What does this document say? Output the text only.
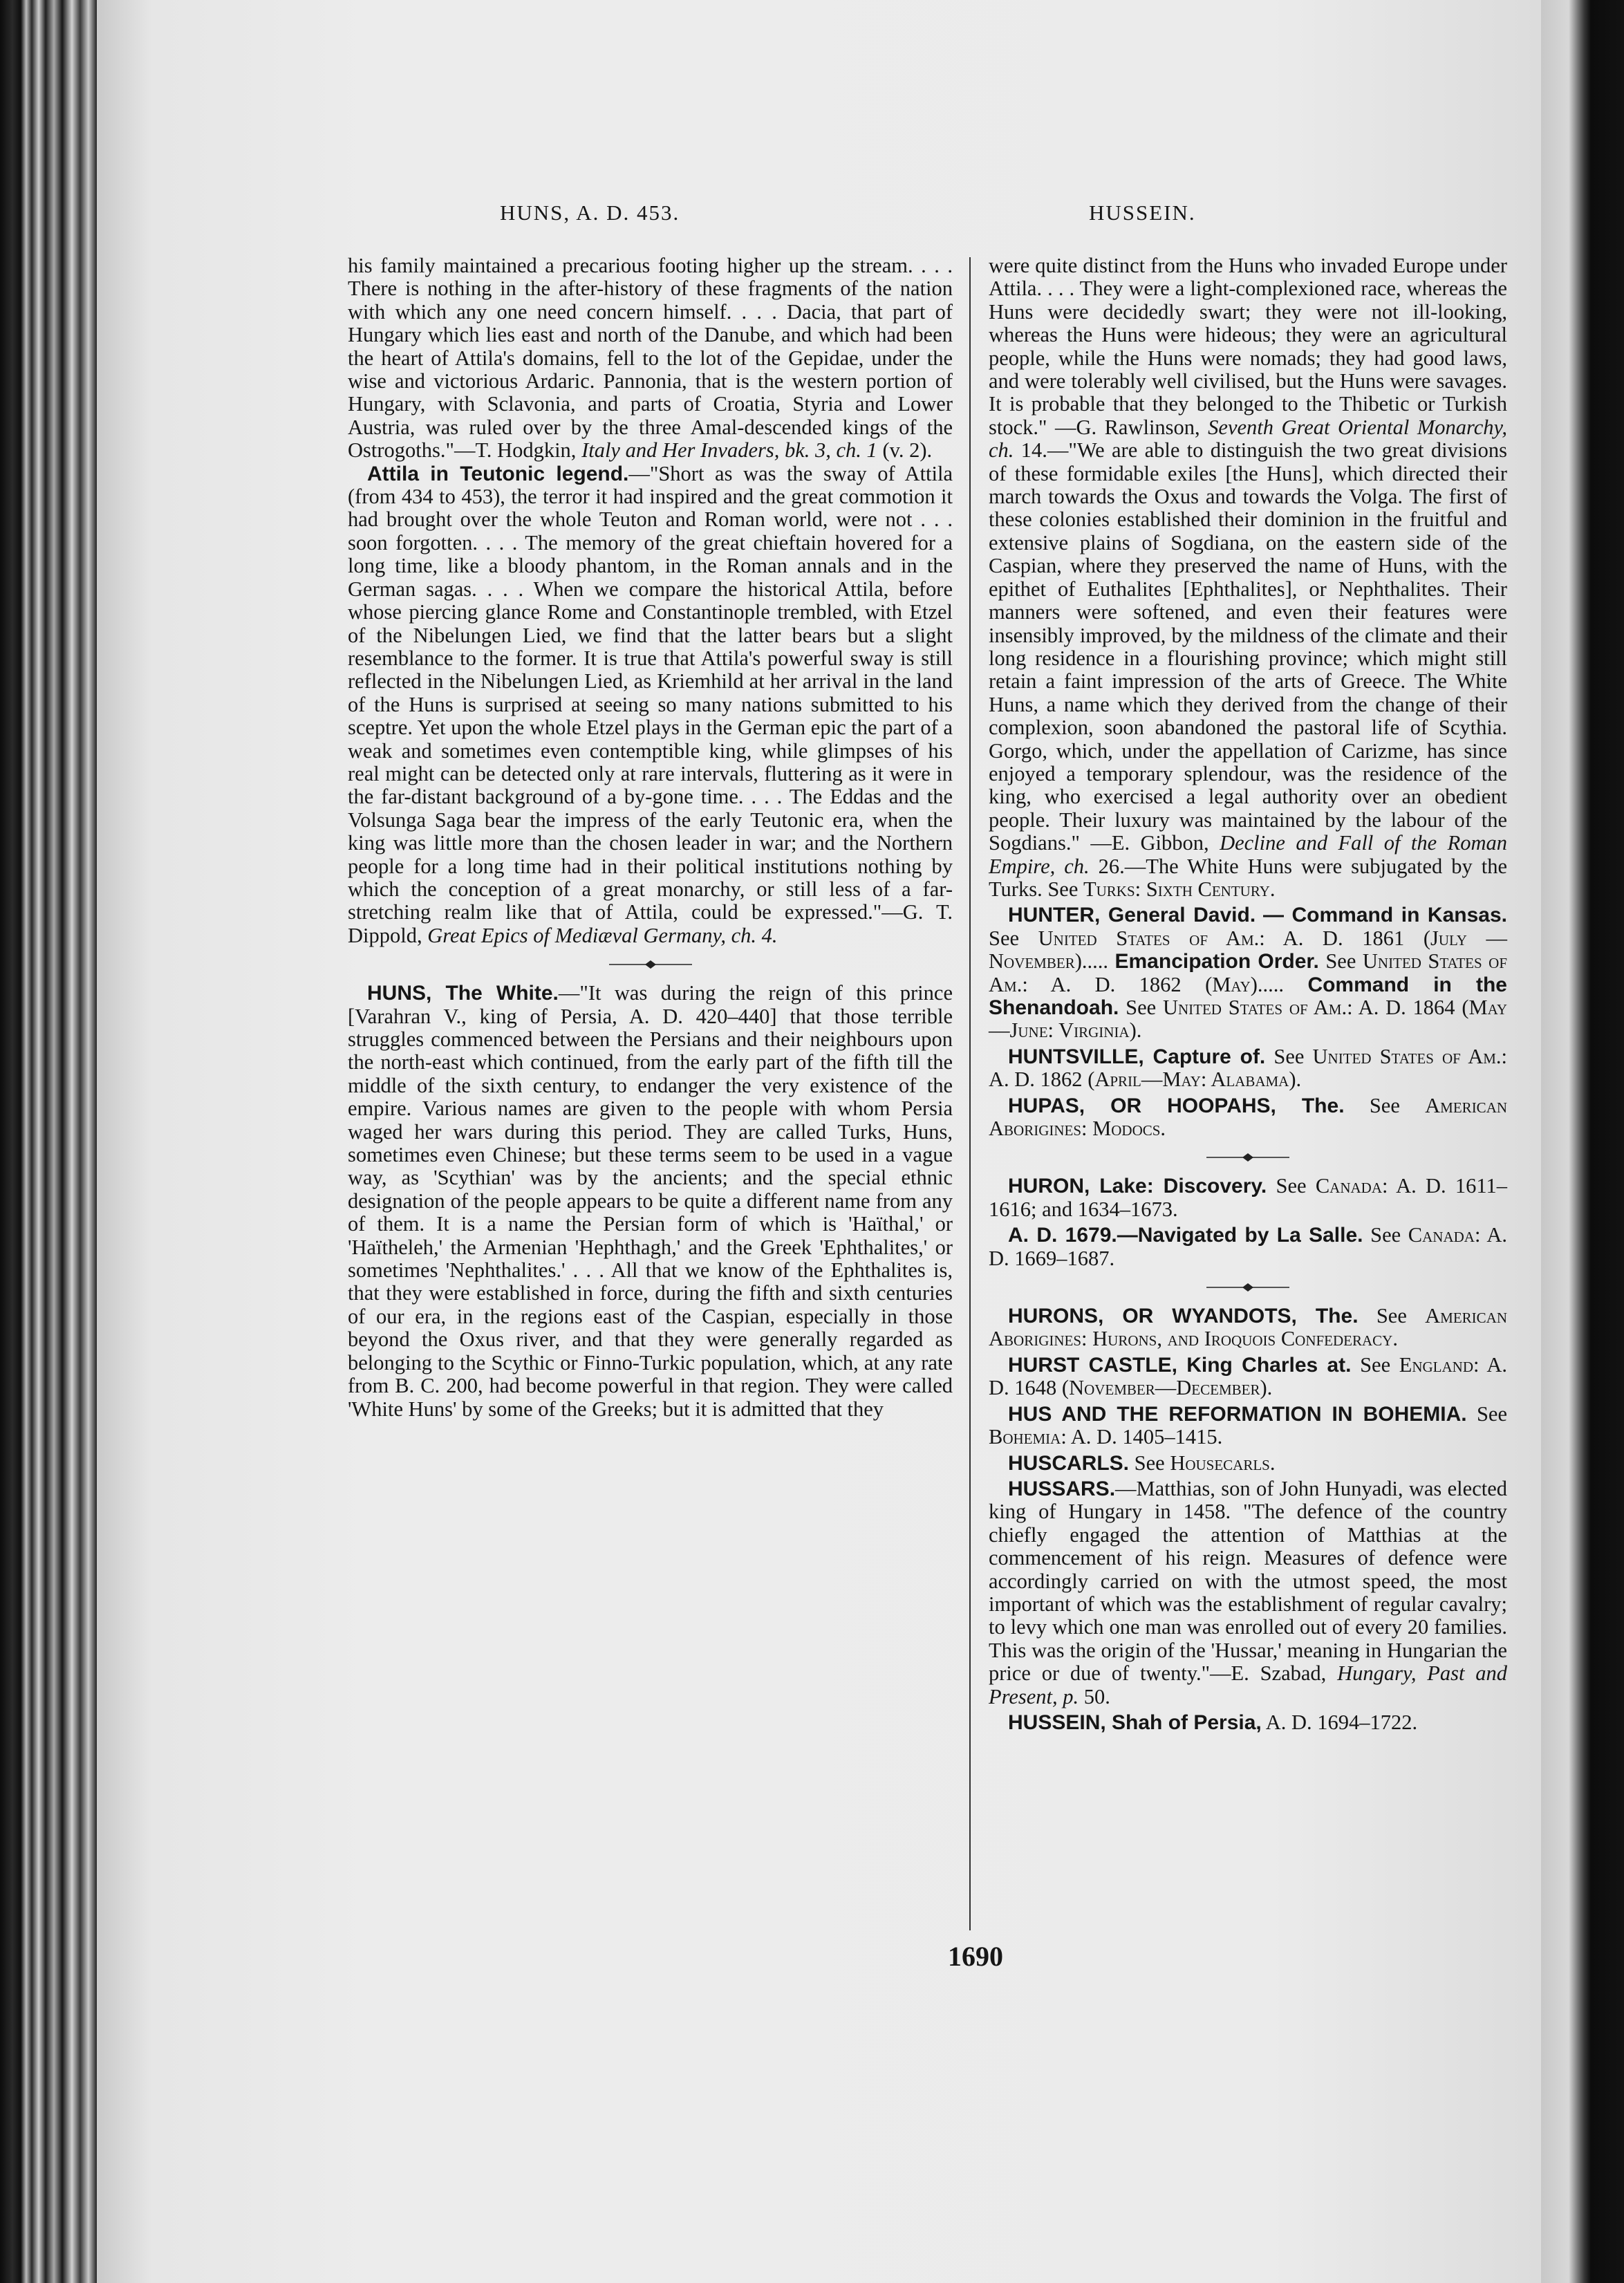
HUNS, A. D. 453.	HUSSEIN.

his family maintained a precarious footing higher up the stream. . . . There is nothing in the after-history of these fragments of the nation with which any one need concern himself. . . . Dacia, that part of Hungary which lies east and north of the Danube, and which had been the heart of Attila's domains, fell to the lot of the Gepidae, under the wise and victorious Ardaric. Pannonia, that is the western portion of Hungary, with Sclavonia, and parts of Croatia, Styria and Lower Austria, was ruled over by the three Amal-descended kings of the Ostrogoths."—T. Hodgkin, Italy and Her Invaders, bk. 3, ch. 1 (v. 2).

Attila in Teutonic legend.—"Short as was the sway of Attila (from 434 to 453), the terror it had inspired and the great commotion it had brought over the whole Teuton and Roman world, were not . . . soon forgotten. . . . The memory of the great chieftain hovered for a long time, like a bloody phantom, in the Roman annals and in the German sagas. . . . When we compare the historical Attila, before whose piercing glance Rome and Constantinople trembled, with Etzel of the Nibelungen Lied, we find that the latter bears but a slight resemblance to the former. It is true that Attila's powerful sway is still reflected in the Nibelungen Lied, as Kriemhild at her arrival in the land of the Huns is surprised at seeing so many nations submitted to his sceptre. Yet upon the whole Etzel plays in the German epic the part of a weak and sometimes even contemptible king, while glimpses of his real might can be detected only at rare intervals, fluttering as it were in the far-distant background of a by-gone time. . . . The Eddas and the Volsunga Saga bear the impress of the early Teutonic era, when the king was little more than the chosen leader in war; and the Northern people for a long time had in their political institutions nothing by which the conception of a great monarchy, or still less of a far-stretching realm like that of Attila, could be expressed."—G. T. Dippold, Great Epics of Mediæval Germany, ch. 4.

HUNS, The White.—"It was during the reign of this prince [Varahran V., king of Persia, A. D. 420–440] that those terrible struggles commenced between the Persians and their neighbours upon the north-east which continued, from the early part of the fifth till the middle of the sixth century, to endanger the very existence of the empire. Various names are given to the people with whom Persia waged her wars during this period. They are called Turks, Huns, sometimes even Chinese; but these terms seem to be used in a vague way, as 'Scythian' was by the ancients; and the special ethnic designation of the people appears to be quite a different name from any of them. It is a name the Persian form of which is 'Haïthal,' or 'Haïtheleh,' the Armenian 'Hephthagh,' and the Greek 'Ephthalites,' or sometimes 'Nephthalites.' . . . All that we know of the Ephthalites is, that they were established in force, during the fifth and sixth centuries of our era, in the regions east of the Caspian, especially in those beyond the Oxus river, and that they were generally regarded as belonging to the Scythic or Finno-Turkic population, which, at any rate from B. C. 200, had become powerful in that region. They were called 'White Huns' by some of the Greeks; but it is admitted that they

were quite distinct from the Huns who invaded Europe under Attila. . . . They were a light-complexioned race, whereas the Huns were decidedly swart; they were not ill-looking, whereas the Huns were hideous; they were an agricultural people, while the Huns were nomads; they had good laws, and were tolerably well civilised, but the Huns were savages. It is probable that they belonged to the Thibetic or Turkish stock." —G. Rawlinson, Seventh Great Oriental Monarchy, ch. 14.—"We are able to distinguish the two great divisions of these formidable exiles [the Huns], which directed their march towards the Oxus and towards the Volga. The first of these colonies established their dominion in the fruitful and extensive plains of Sogdiana, on the eastern side of the Caspian, where they preserved the name of Huns, with the epithet of Euthalites [Ephthalites], or Nephthalites. Their manners were softened, and even their features were insensibly improved, by the mildness of the climate and their long residence in a flourishing province; which might still retain a faint impression of the arts of Greece. The White Huns, a name which they derived from the change of their complexion, soon abandoned the pastoral life of Scythia. Gorgo, which, under the appellation of Carizme, has since enjoyed a temporary splendour, was the residence of the king, who exercised a legal authority over an obedient people. Their luxury was maintained by the labour of the Sogdians." —E. Gibbon, Decline and Fall of the Roman Empire, ch. 26.—The White Huns were subjugated by the Turks. See Turks: Sixth Century.

HUNTER, General David. — Command in Kansas. See United States of Am.: A. D. 1861 (July — November)..... Emancipation Order. See United States of Am.: A. D. 1862 (May)..... Command in the Shenandoah. See United States of Am.: A. D. 1864 (May—June: Virginia).

HUNTSVILLE, Capture of. See United States of Am.: A. D. 1862 (April—May: Alabama).

HUPAS, OR HOOPAHS, The. See American Aborigines: Modocs.

HURON, Lake: Discovery. See Canada: A. D. 1611–1616; and 1634–1673.

A. D. 1679.—Navigated by La Salle. See Canada: A. D. 1669–1687.

HURONS, OR WYANDOTS, The. See American Aborigines: Hurons, and Iroquois Confederacy.

HURST CASTLE, King Charles at. See England: A. D. 1648 (November—December).

HUS AND THE REFORMATION IN BOHEMIA. See Bohemia: A. D. 1405–1415.

HUSCARLS. See Housecarls.

HUSSARS.—Matthias, son of John Hunyadi, was elected king of Hungary in 1458. "The defence of the country chiefly engaged the attention of Matthias at the commencement of his reign. Measures of defence were accordingly carried on with the utmost speed, the most important of which was the establishment of regular cavalry; to levy which one man was enrolled out of every 20 families. This was the origin of the 'Hussar,' meaning in Hungarian the price or due of twenty."—E. Szabad, Hungary, Past and Present, p. 50.

HUSSEIN, Shah of Persia, A. D. 1694–1722.

1690
